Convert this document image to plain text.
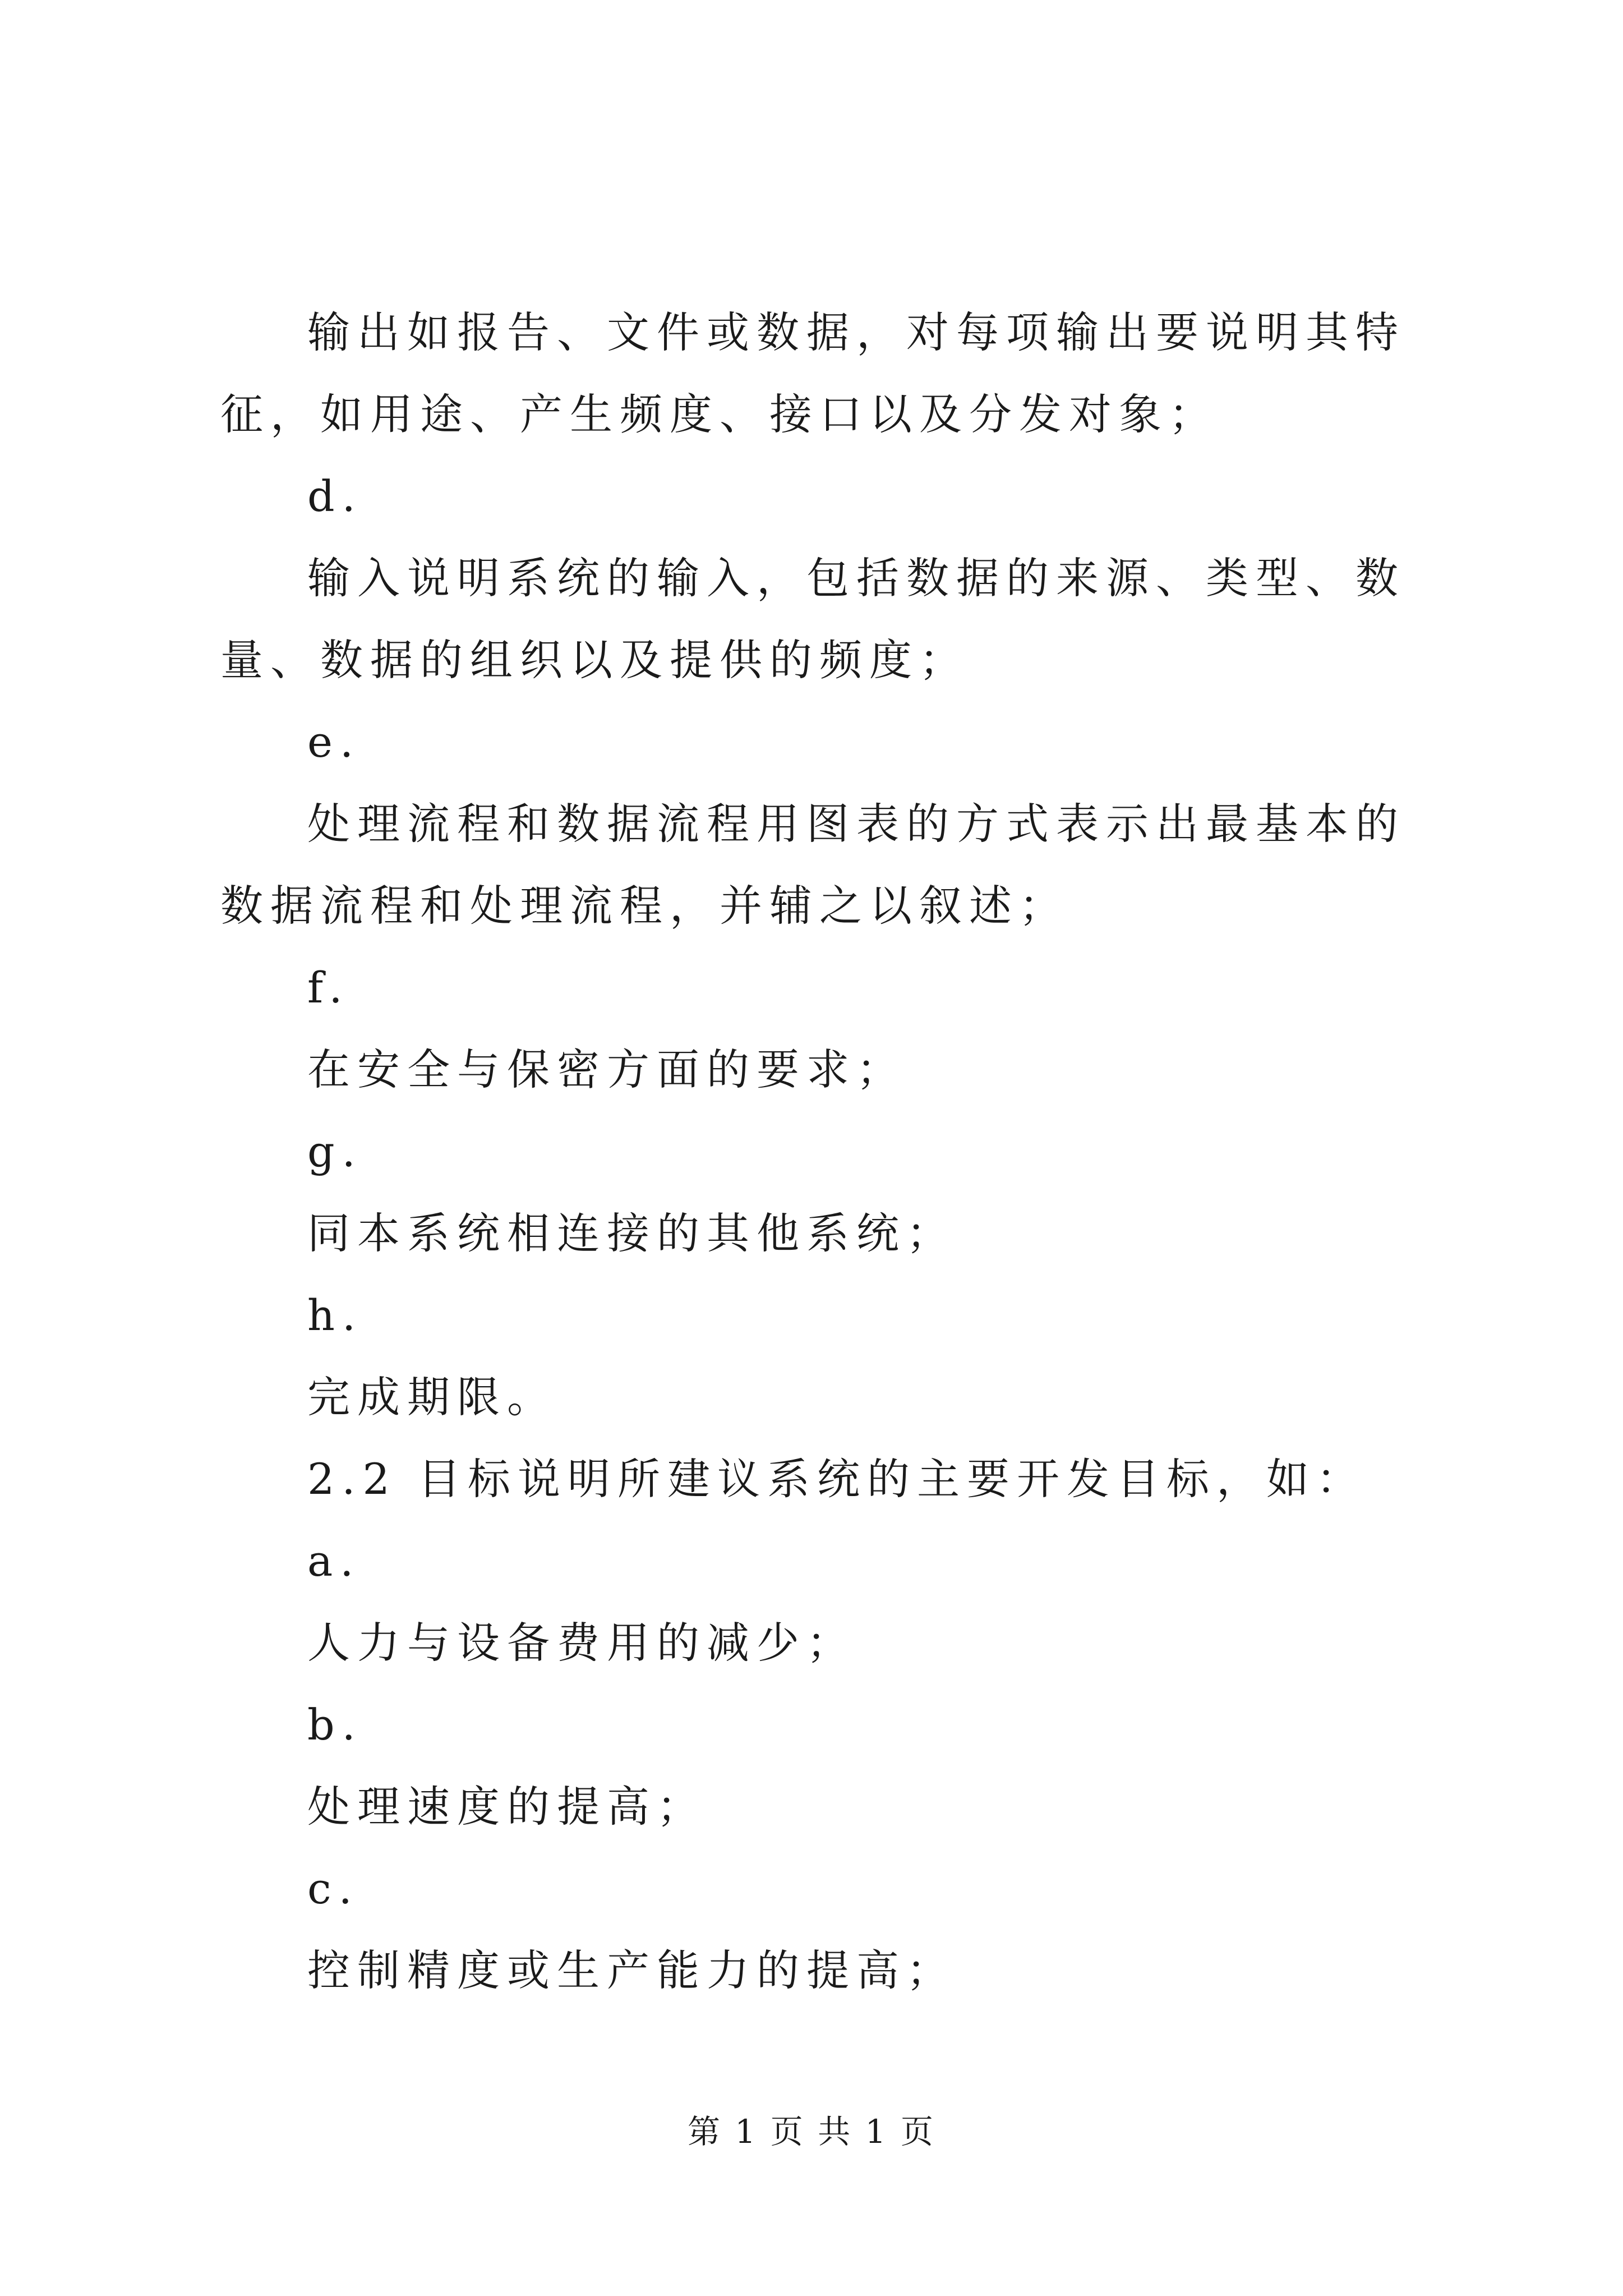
输出如报告、文件或数据，对每项输出要说明其特征，如用途、产生频度、接口以及分发对象；

d.

输入说明系统的输入，包括数据的来源、类型、数量、数据的组织以及提供的频度；

e.

处理流程和数据流程用图表的方式表示出最基本的数据流程和处理流程，并辅之以叙述；

f.

在安全与保密方面的要求；

g.

同本系统相连接的其他系统；

h.

完成期限。

2.2 目标说明所建议系统的主要开发目标，如：

a.

人力与设备费用的减少；

b.

处理速度的提高；

c.

控制精度或生产能力的提高；

第 1 页 共 1 页
